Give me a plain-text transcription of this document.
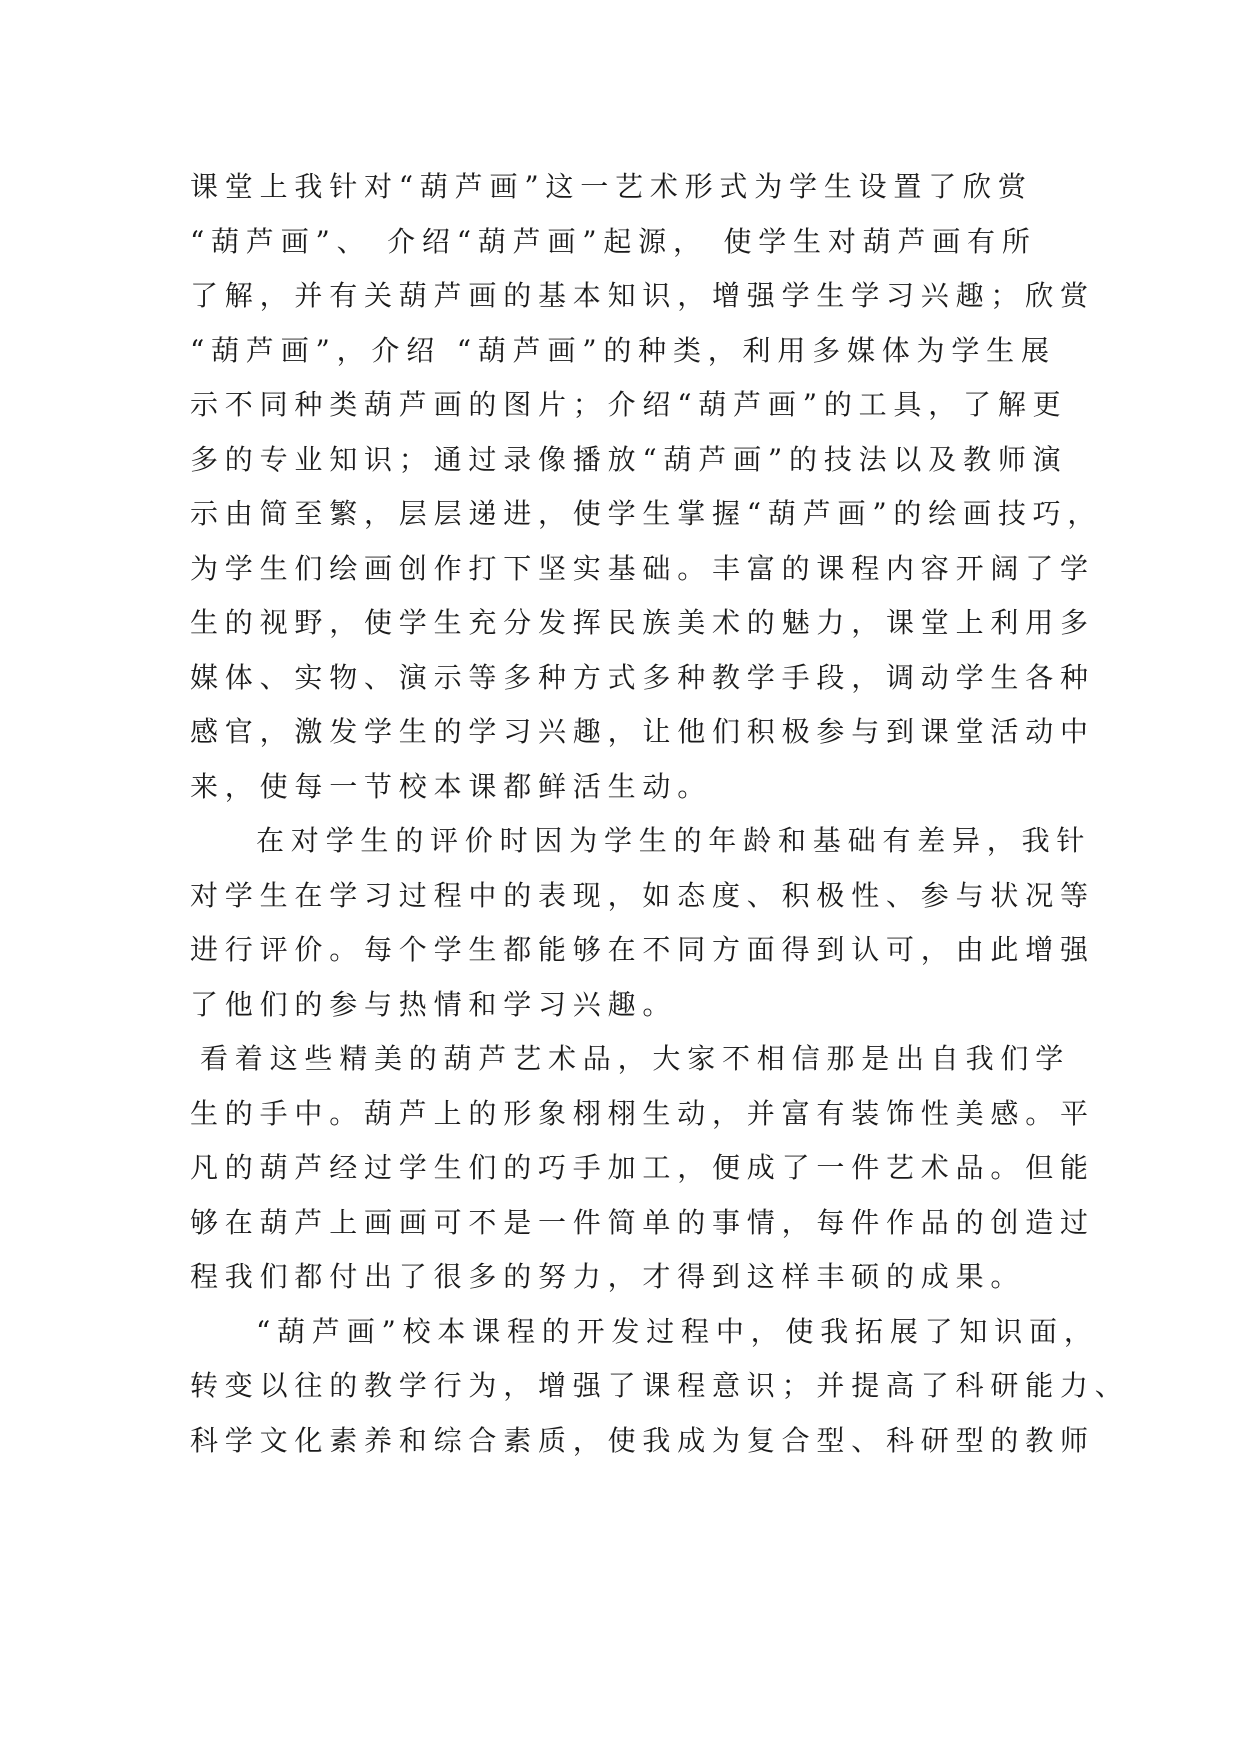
课堂上我针对“葫芦画”这一艺术形式为学生设置了欣赏
“葫芦画”、 介绍“葫芦画”起源， 使学生对葫芦画有所
了解，并有关葫芦画的基本知识，增强学生学习兴趣；欣赏
“葫芦画”，介绍 “葫芦画”的种类，利用多媒体为学生展
示不同种类葫芦画的图片；介绍“葫芦画”的工具，了解更
多的专业知识；通过录像播放“葫芦画”的技法以及教师演
示由简至繁，层层递进，使学生掌握“葫芦画”的绘画技巧，
为学生们绘画创作打下坚实基础。丰富的课程内容开阔了学
生的视野，使学生充分发挥民族美术的魅力，课堂上利用多
媒体、实物、演示等多种方式多种教学手段，调动学生各种
感官，激发学生的学习兴趣，让他们积极参与到课堂活动中
来，使每一节校本课都鲜活生动。
在对学生的评价时因为学生的年龄和基础有差异，我针
对学生在学习过程中的表现，如态度、积极性、参与状况等
进行评价。每个学生都能够在不同方面得到认可，由此增强
了他们的参与热情和学习兴趣。
看着这些精美的葫芦艺术品，大家不相信那是出自我们学
生的手中。葫芦上的形象栩栩生动，并富有装饰性美感。平
凡的葫芦经过学生们的巧手加工，便成了一件艺术品。但能
够在葫芦上画画可不是一件简单的事情，每件作品的创造过
程我们都付出了很多的努力，才得到这样丰硕的成果。
“葫芦画”校本课程的开发过程中，使我拓展了知识面，
转变以往的教学行为，增强了课程意识；并提高了科研能力、
科学文化素养和综合素质，使我成为复合型、科研型的教师
